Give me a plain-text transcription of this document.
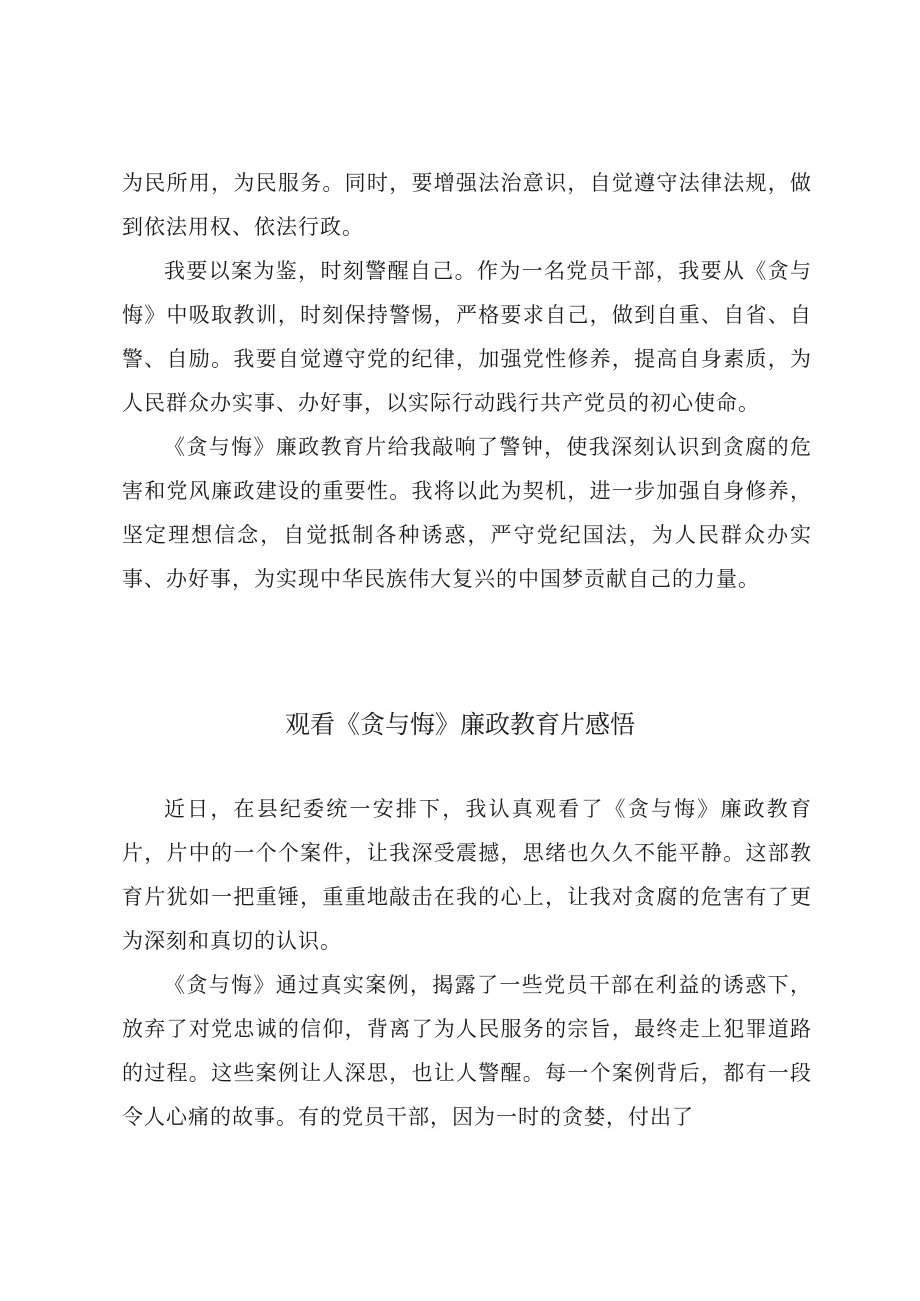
为民所用，为民服务。同时，要增强法治意识，自觉遵守法律法规，做到依法用权、依法行政。

我要以案为鉴，时刻警醒自己。作为一名党员干部，我要从《贪与悔》中吸取教训，时刻保持警惕，严格要求自己，做到自重、自省、自警、自励。我要自觉遵守党的纪律，加强党性修养，提高自身素质，为人民群众办实事、办好事，以实际行动践行共产党员的初心使命。

《贪与悔》廉政教育片给我敲响了警钟，使我深刻认识到贪腐的危害和党风廉政建设的重要性。我将以此为契机，进一步加强自身修养，坚定理想信念，自觉抵制各种诱惑，严守党纪国法，为人民群众办实事、办好事，为实现中华民族伟大复兴的中国梦贡献自己的力量。

观看《贪与悔》廉政教育片感悟

近日，在县纪委统一安排下，我认真观看了《贪与悔》廉政教育片，片中的一个个案件，让我深受震撼，思绪也久久不能平静。这部教育片犹如一把重锤，重重地敲击在我的心上，让我对贪腐的危害有了更为深刻和真切的认识。

《贪与悔》通过真实案例，揭露了一些党员干部在利益的诱惑下，放弃了对党忠诚的信仰，背离了为人民服务的宗旨，最终走上犯罪道路的过程。这些案例让人深思，也让人警醒。每一个案例背后，都有一段令人心痛的故事。有的党员干部，因为一时的贪婪，付出了
